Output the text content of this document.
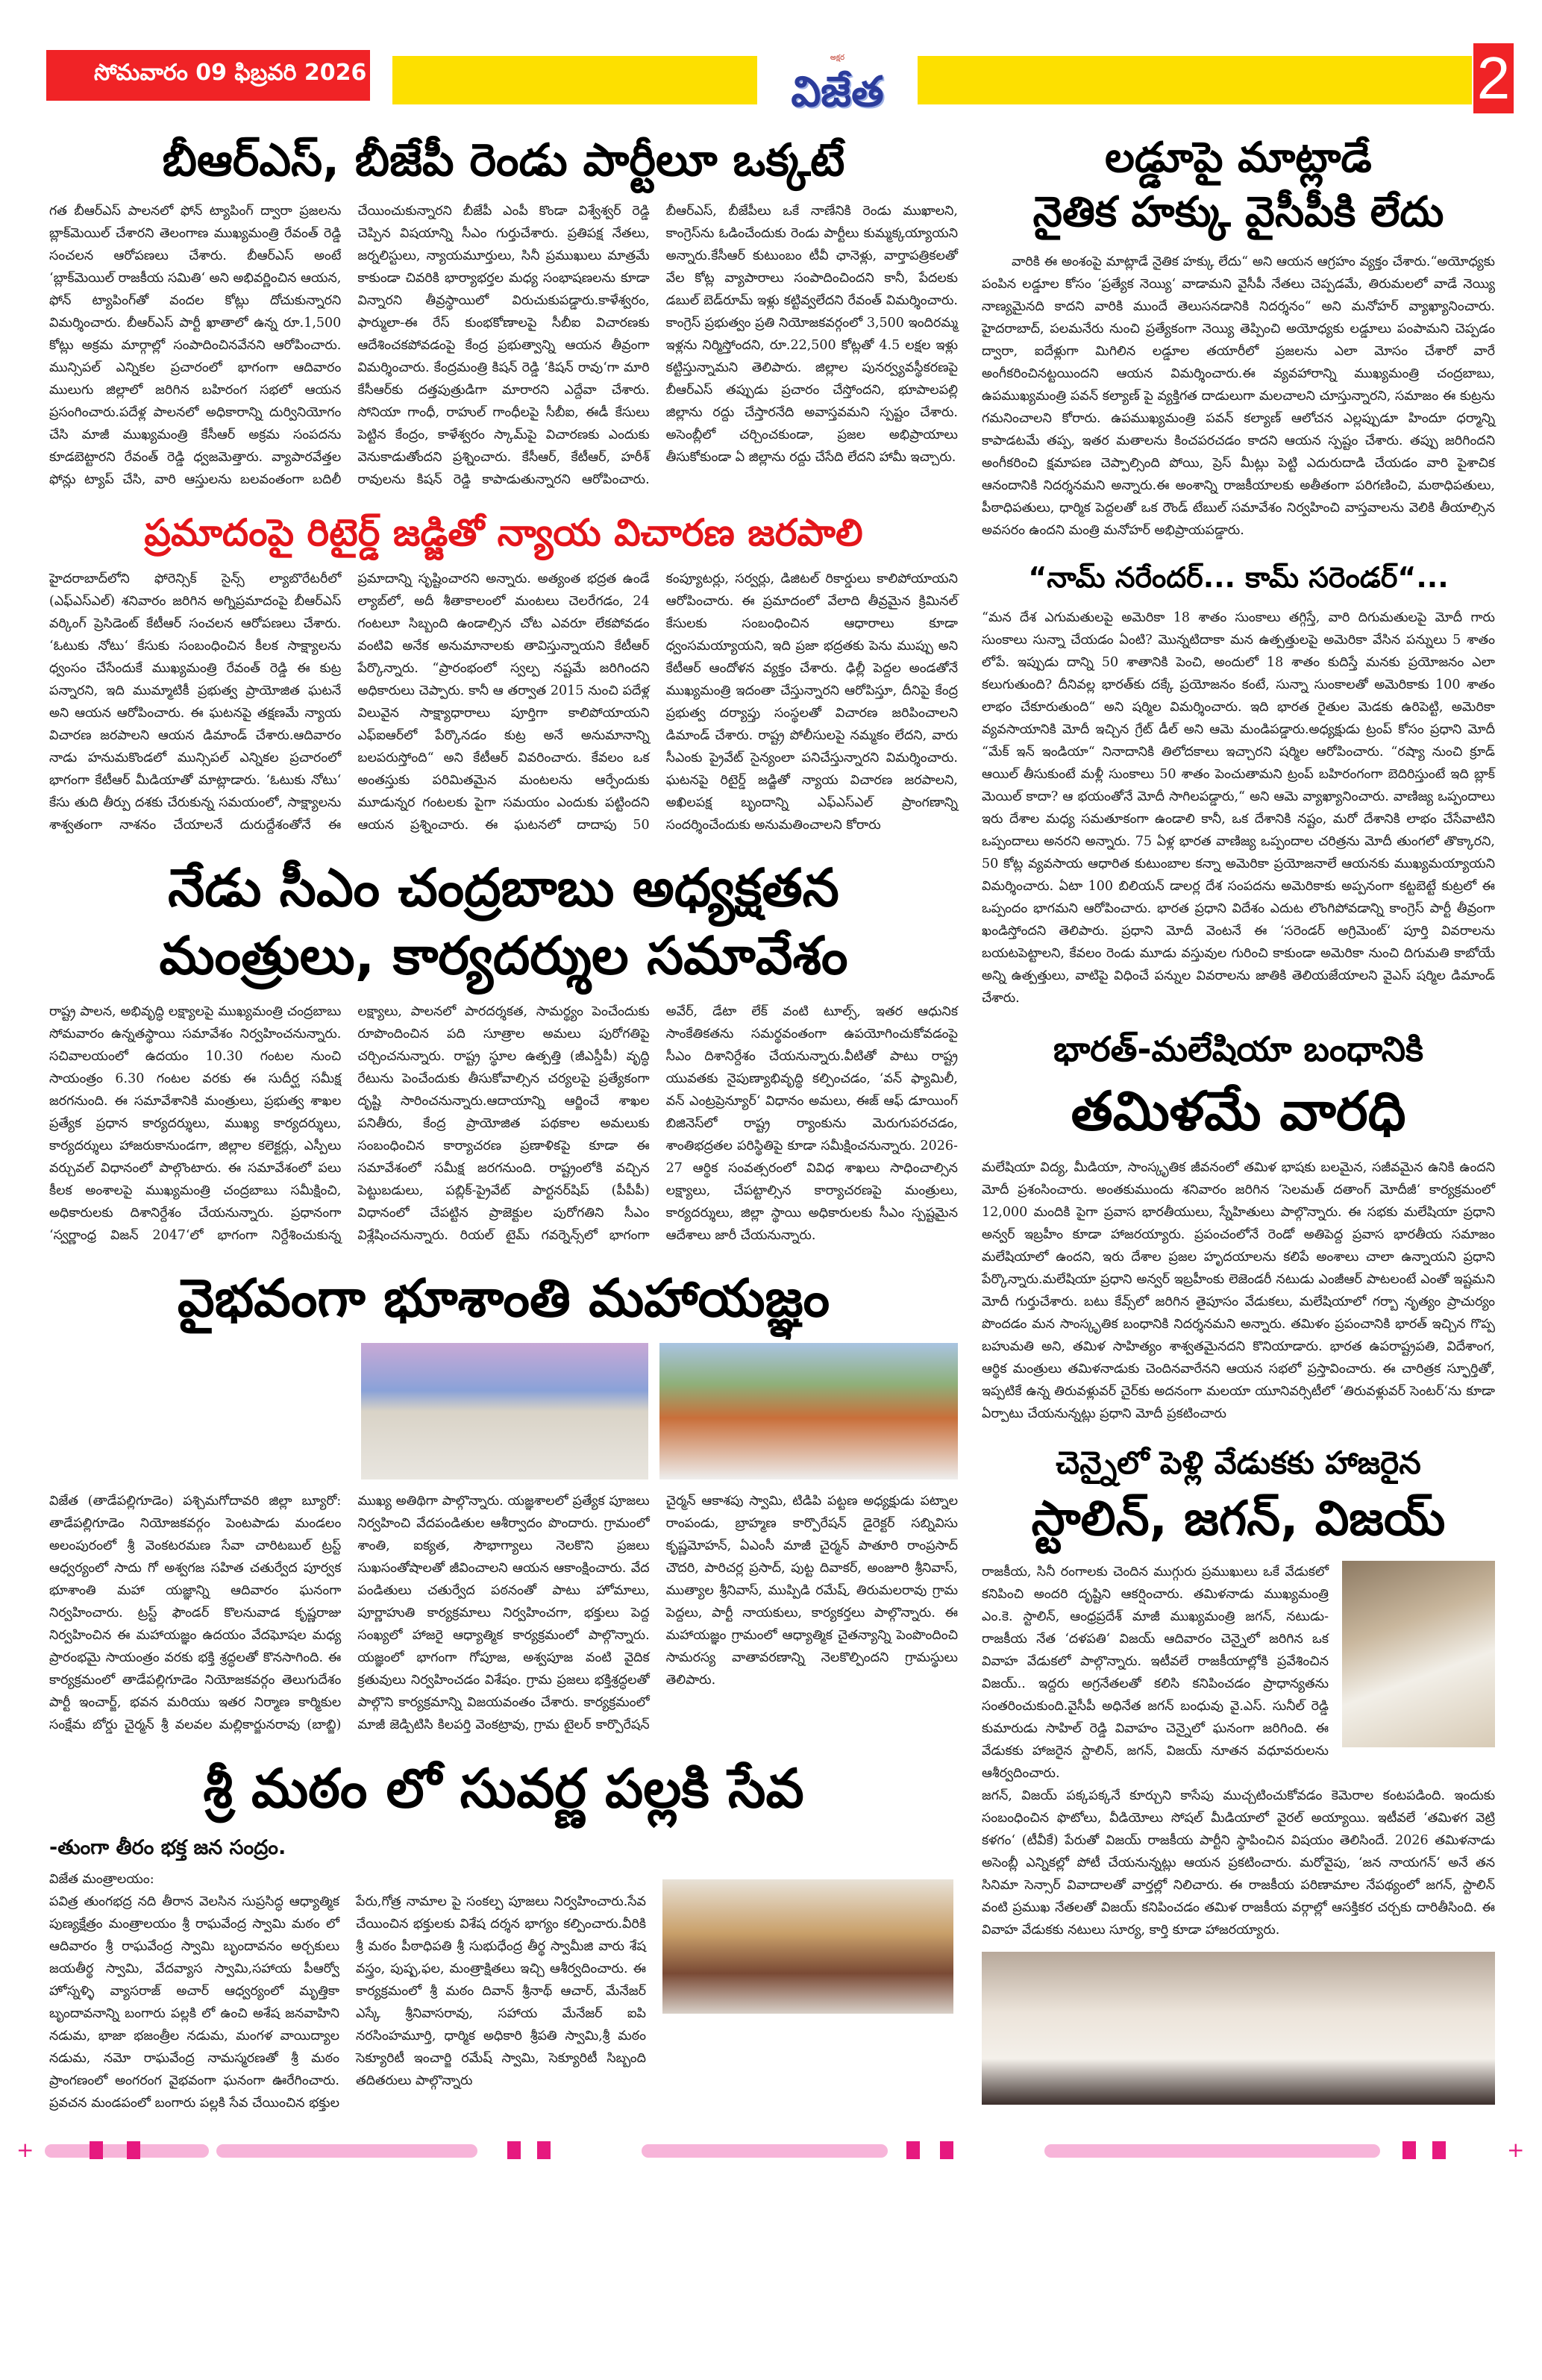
సోమవారం 09 ఫిబ్రవరి 2026
అక్షర
విజేత	2
బీఆర్ఎస్, బీజేపీ రెండు పార్టీలూ ఒక్కటే
గత బీఆర్ఎస్ పాలనలో ఫోన్ ట్యాపింగ్ ద్వారా ప్రజలను బ్లాక్‌మెయిల్ చేశారని తెలంగాణ ముఖ్యమంత్రి రేవంత్ రెడ్డి సంచలన ఆరోపణలు చేశారు. బీఆర్ఎస్ అంటే ‘బ్లాక్‌మెయిల్ రాజకీయ సమితి‘ అని అభివర్ణించిన ఆయన, ఫోన్ ట్యాపింగ్‌తో వందల కోట్లు దోచుకున్నారని విమర్శించారు. బీఆర్ఎస్ పార్టీ ఖాతాలో ఉన్న రూ.1,500 కోట్లు అక్రమ మార్గాల్లో సంపాదించినవేనని ఆరోపించారు. మున్సిపల్ ఎన్నికల ప్రచారంలో భాగంగా ఆదివారం ములుగు జిల్లాలో జరిగిన బహిరంగ సభలో ఆయన ప్రసంగించారు.పదేళ్ల పాలనలో అధికారాన్ని దుర్వినియోగం చేసి మాజీ ముఖ్యమంత్రి కేసీఆర్ అక్రమ సంపదను కూడబెట్టారని రేవంత్ రెడ్డి ధ్వజమెత్తారు. వ్యాపారవేత్తల ఫోన్లు ట్యాప్ చేసి, వారి ఆస్తులను బలవంతంగా బదిలీ చేయించుకున్నారని బీజేపీ ఎంపీ కొండా విశ్వేశ్వర్ రెడ్డి చెప్పిన విషయాన్ని సీఎం గుర్తుచేశారు. ప్రతిపక్ష నేతలు, జర్నలిస్టులు, న్యాయమూర్తులు, సినీ ప్రముఖులు మాత్రమే కాకుండా చివరికి భార్యాభర్తల మధ్య సంభాషణలను కూడా విన్నారని తీవ్రస్థాయిలో విరుచుకుపడ్డారు.కాళేశ్వరం, ఫార్ములా-ఈ రేస్ కుంభకోణాలపై సీబీఐ విచారణకు ఆదేశించకపోవడంపై కేంద్ర ప్రభుత్వాన్ని ఆయన తీవ్రంగా విమర్శించారు. కేంద్రమంత్రి కిషన్ రెడ్డి ‘కిషన్ రావు‘గా మారి కేసీఆర్‌కు దత్తపుత్రుడిగా మారారని ఎద్దేవా చేశారు. సోనియా గాంధీ, రాహుల్ గాంధీలపై సీబీఐ, ఈడీ కేసులు పెట్టిన కేంద్రం, కాళేశ్వరం స్కామ్‌పై విచారణకు ఎందుకు వెనుకాడుతోందని ప్రశ్నించారు. కేసీఆర్, కేటీఆర్, హరీశ్ రావులను కిషన్ రెడ్డి కాపాడుతున్నారని ఆరోపించారు. బీఆర్ఎస్, బీజేపీలు ఒకే నాణేనికి రెండు ముఖాలని, కాంగ్రెస్‌ను ఓడించేందుకు రెండు పార్టీలు కుమ్మక్కయ్యాయని అన్నారు.కేసీఆర్ కుటుంబం టీవీ ఛానెళ్లు, వార్తాపత్రికలతో వేల కోట్ల వ్యాపారాలు సంపాదించిందని కానీ, పేదలకు డబుల్ బెడ్‌రూమ్ ఇళ్లు కట్టివ్వలేదని రేవంత్ విమర్శించారు. కాంగ్రెస్ ప్రభుత్వం ప్రతి నియోజకవర్గంలో 3,500 ఇందిరమ్మ ఇళ్లను నిర్మిస్తోందని, రూ.22,500 కోట్లతో 4.5 లక్షల ఇళ్లు కట్టిస్తున్నామని తెలిపారు. జిల్లాల పునర్వ్యవస్థీకరణపై బీఆర్ఎస్ తప్పుడు ప్రచారం చేస్తోందని, భూపాలపల్లి జిల్లాను రద్దు చేస్తారనేది అవాస్తవమని స్పష్టం చేశారు. అసెంబ్లీలో చర్చించకుండా, ప్రజల అభిప్రాయాలు తీసుకోకుండా ఏ జిల్లాను రద్దు చేసేది లేదని హామీ ఇచ్చారు.
ప్రమాదంపై రిటైర్డ్ జడ్జితో న్యాయ విచారణ జరపాలి
హైదరాబాద్‌లోని ఫోరెన్సిక్ సైన్స్ ల్యాబొరేటరీలో (ఎఫ్ఎస్ఎల్) శనివారం జరిగిన అగ్నిప్రమాదంపై బీఆర్ఎస్ వర్కింగ్ ప్రెసిడెంట్ కేటీఆర్ సంచలన ఆరోపణలు చేశారు. ‘ఓటుకు నోటు‘ కేసుకు సంబంధించిన కీలక సాక్ష్యాలను ధ్వంసం చేసేందుకే ముఖ్యమంత్రి రేవంత్ రెడ్డి ఈ కుట్ర పన్నారని, ఇది ముమ్మాటికీ ప్రభుత్వ ప్రాయోజిత ఘటనే అని ఆయన ఆరోపించారు. ఈ ఘటనపై తక్షణమే న్యాయ విచారణ జరపాలని ఆయన డిమాండ్ చేశారు.ఆదివారం నాడు హనుమకొండలో మున్సిపల్ ఎన్నికల ప్రచారంలో భాగంగా కేటీఆర్ మీడియాతో మాట్లాడారు. ‘ఓటుకు నోటు‘ కేసు తుది తీర్పు దశకు చేరుకున్న సమయంలో, సాక్ష్యాలను శాశ్వతంగా నాశనం చేయాలనే దురుద్దేశంతోనే ఈ ప్రమాదాన్ని సృష్టించారని అన్నారు. అత్యంత భద్రత ఉండే ల్యాబ్‌లో, అదీ శీతాకాలంలో మంటలు చెలరేగడం, 24 గంటలూ సిబ్బంది ఉండాల్సిన చోట ఎవరూ లేకపోవడం వంటివి అనేక అనుమానాలకు తావిస్తున్నాయని కేటీఆర్ పేర్కొన్నారు. “ప్రారంభంలో స్వల్ప నష్టమే జరిగిందని అధికారులు చెప్పారు. కానీ ఆ తర్వాత 2015 నుంచి పదేళ్ల విలువైన సాక్ష్యాధారాలు పూర్తిగా కాలిపోయాయని ఎఫ్ఐఆర్‌లో పేర్కొనడం కుట్ర అనే అనుమానాన్ని బలపరుస్తోంది“ అని కేటీఆర్ వివరించారు. కేవలం ఒక అంతస్తుకు పరిమితమైన మంటలను ఆర్పేందుకు మూడున్నర గంటలకు పైగా సమయం ఎందుకు పట్టిందని ఆయన ప్రశ్నించారు. ఈ ఘటనలో దాదాపు 50 కంప్యూటర్లు, సర్వర్లు, డిజిటల్ రికార్డులు కాలిపోయాయని ఆరోపించారు. ఈ ప్రమాదంలో వేలాది తీవ్రమైన క్రిమినల్ కేసులకు సంబంధించిన ఆధారాలు కూడా ధ్వంసమయ్యాయని, ఇది ప్రజా భద్రతకు పెను ముప్పు అని కేటీఆర్ ఆందోళన వ్యక్తం చేశారు. ఢిల్లీ పెద్దల అండతోనే ముఖ్యమంత్రి ఇదంతా చేస్తున్నారని ఆరోపిస్తూ, దీనిపై కేంద్ర ప్రభుత్వ దర్యాప్తు సంస్థలతో విచారణ జరిపించాలని డిమాండ్ చేశారు. రాష్ట్ర పోలీసులపై నమ్మకం లేదని, వారు సీఎంకు ప్రైవేట్ సైన్యంలా పనిచేస్తున్నారని విమర్శించారు. ఘటనపై రిటైర్డ్ జడ్జితో న్యాయ విచారణ జరపాలని, అఖిలపక్ష బృందాన్ని ఎఫ్ఎస్ఎల్ ప్రాంగణాన్ని సందర్శించేందుకు అనుమతించాలని కోరారు
నేడు సీఎం చంద్రబాబు అధ్యక్షతన
మంత్రులు, కార్యదర్శుల సమావేశం
రాష్ట్ర పాలన, అభివృద్ధి లక్ష్యాలపై ముఖ్యమంత్రి చంద్రబాబు సోమవారం ఉన్నతస్థాయి సమావేశం నిర్వహించనున్నారు. సచివాలయంలో ఉదయం 10.30 గంటల నుంచి సాయంత్రం 6.30 గంటల వరకు ఈ సుదీర్ఘ సమీక్ష జరగనుంది. ఈ సమావేశానికి మంత్రులు, ప్రభుత్వ శాఖల ప్రత్యేక ప్రధాన కార్యదర్శులు, ముఖ్య కార్యదర్శులు, కార్యదర్శులు హాజరుకానుండగా, జిల్లాల కలెక్టర్లు, ఎస్పీలు వర్చువల్ విధానంలో పాల్గొంటారు. ఈ సమావేశంలో పలు కీలక అంశాలపై ముఖ్యమంత్రి చంద్రబాబు సమీక్షించి, అధికారులకు దిశానిర్దేశం చేయనున్నారు. ప్రధానంగా ‘స్వర్ణాంధ్ర విజన్ 2047‘లో భాగంగా నిర్దేశించుకున్న లక్ష్యాలు, పాలనలో పారదర్శకత, సామర్థ్యం పెంచేందుకు రూపొందించిన పది సూత్రాల అమలు పురోగతిపై చర్చించనున్నారు. రాష్ట్ర స్థూల ఉత్పత్తి (జీఎస్డీపీ) వృద్ధి రేటును పెంచేందుకు తీసుకోవాల్సిన చర్యలపై ప్రత్యేకంగా దృష్టి సారించనున్నారు.ఆదాయాన్ని ఆర్జించే శాఖల పనితీరు, కేంద్ర ప్రాయోజిత పథకాల అమలుకు సంబంధించిన కార్యాచరణ ప్రణాళికపై కూడా ఈ సమావేశంలో సమీక్ష జరగనుంది. రాష్ట్రంలోకి వచ్చిన పెట్టుబడులు, పబ్లిక్-ప్రైవేట్ పార్టనర్‌షిప్ (పీపీపీ) విధానంలో చేపట్టిన ప్రాజెక్టుల పురోగతిని సీఎం విశ్లేషించనున్నారు. రియల్ టైమ్ గవర్నెన్స్‌లో భాగంగా అవేర్, డేటా లేక్ వంటి టూల్స్, ఇతర ఆధునిక సాంకేతికతను సమర్థవంతంగా ఉపయోగించుకోవడంపై సీఎం దిశానిర్దేశం చేయనున్నారు.వీటితో పాటు రాష్ట్ర యువతకు నైపుణ్యాభివృద్ధి కల్పించడం, ‘వన్ ఫ్యామిలీ, వన్ ఎంట్రప్రెన్యూర్‘ విధానం అమలు, ఈజ్ ఆఫ్ డూయింగ్ బిజినెస్‌లో రాష్ట్ర ర్యాంకును మెరుగుపరచడం, శాంతిభద్రతల పరిస్థితిపై కూడా సమీక్షించనున్నారు. 2026-27 ఆర్థిక సంవత్సరంలో వివిధ శాఖలు సాధించాల్సిన లక్ష్యాలు, చేపట్టాల్సిన కార్యాచరణపై మంత్రులు, కార్యదర్శులు, జిల్లా స్థాయి అధికారులకు సీఎం స్పష్టమైన ఆదేశాలు జారీ చేయనున్నారు.
వైభవంగా భూశాంతి మహాయజ్ఞం
విజేత (తాడేపల్లిగూడెం) పశ్చిమగోదావరి జిల్లా బ్యూరో: తాడేపల్లిగూడెం నియోజకవర్గం పెంటపాడు మండలం అలంపురంలో శ్రీ వెంకటరమణ సేవా చారిటబుల్ ట్రస్ట్ ఆధ్వర్యంలో సాదు గో అశ్వగజ సహిత చతుర్వేద పూర్వక భూశాంతి మహా యజ్ఞాన్ని ఆదివారం ఘనంగా నిర్వహించారు. ట్రస్ట్ ఫౌండర్ కొలనువాడ కృష్ణరాజు నిర్వహించిన ఈ మహాయజ్ఞం ఉదయం వేదఘోషల మధ్య ప్రారంభమై సాయంత్రం వరకు భక్తి శ్రద్ధలతో కొనసాగింది. ఈ కార్యక్రమంలో తాడేపల్లిగూడెం నియోజకవర్గం తెలుగుదేశం పార్టీ ఇంచార్జ్, భవన మరియు ఇతర నిర్మాణ కార్మికుల సంక్షేమ బోర్డు చైర్మన్ శ్రీ వలవల మల్లికార్జునరావు (బాబ్జి) ముఖ్య అతిథిగా పాల్గొన్నారు. యజ్ఞశాలలో ప్రత్యేక పూజలు నిర్వహించి వేదపండితుల ఆశీర్వాదం పొందారు. గ్రామంలో శాంతి, ఐక్యత, సౌభాగ్యాలు నెలకొని ప్రజలు సుఖసంతోషాలతో జీవించాలని ఆయన ఆకాంక్షించారు. వేద పండితులు చతుర్వేద పఠనంతో పాటు హోమాలు, పూర్ణాహుతి కార్యక్రమాలు నిర్వహించగా, భక్తులు పెద్ద సంఖ్యలో హాజరై ఆధ్యాత్మిక కార్యక్రమంలో పాల్గొన్నారు. యజ్ఞంలో భాగంగా గోపూజ, అశ్వపూజ వంటి వైదిక క్రతువులు నిర్వహించడం విశేషం. గ్రామ ప్రజలు భక్తిశ్రద్ధలతో పాల్గొని కార్యక్రమాన్ని విజయవంతం చేశారు. కార్యక్రమంలో మాజీ జెడ్పిటిసి కిలపర్తి వెంకట్రావు, గ్రామ టైలర్ కార్పొరేషన్ చైర్మన్ ఆకాశపు స్వామి, టిడిపి పట్టణ అధ్యక్షుడు పట్నాల రాంపండు, బ్రాహ్మణ కార్పొరేషన్ డైరెక్టర్ సబ్నివిసు కృష్ణమోహన్, ఏఎంసీ మాజీ చైర్మన్ పాతూరి రాంప్రసాద్ చౌదరి, పారిచర్ల ప్రసాద్, పుట్ట దివాకర్, అంజూరి శ్రీనివాస్, ముత్యాల శ్రీనివాస్, ముప్పిడి రమేష్, తిరుమలరావు గ్రామ పెద్దలు, పార్టీ నాయకులు, కార్యకర్తలు పాల్గొన్నారు. ఈ మహాయజ్ఞం గ్రామంలో ఆధ్యాత్మిక చైతన్యాన్ని పెంపొందించి సామరస్య వాతావరణాన్ని నెలకొల్పిందని గ్రామస్థులు తెలిపారు.
శ్రీ మఠం లో సువర్ణ పల్లకి సేవ
-తుంగా తీరం భక్త జన సంద్రం.
విజేత మంత్రాలయం:
పవిత్ర తుంగభద్ర నది తీరాన వెలసిన సుప్రసిద్ధ ఆధ్యాత్మిక పుణ్యక్షేత్రం మంత్రాలయం శ్రీ రాఘవేంద్ర స్వామి మఠం లో ఆదివారం శ్రీ రాఘవేంద్ర స్వామి బృందావనం అర్చకులు జయతీర్థ స్వామి, వేదవ్యాస స్వామి,సహాయ పీఆర్వో హోస్నళ్ళి వ్యాసరాజ్ అచార్ ఆధ్వర్యంలో మృత్తికా బృందావనాన్ని బంగారు పల్లకి లో ఉంచి అశేష జనవాహిని నడుమ, భాజా భజంత్రీల నడుమ, మంగళ వాయిద్యాల నడుమ, నమో రాఘవేంద్ర నామస్మరణతో శ్రీ మఠం ప్రాంగణంలో అంగరంగ వైభవంగా ఘనంగా ఊరేగించారు. ప్రవచన మండపంలో బంగారు పల్లకి సేవ చేయించిన భక్తుల పేరు,గోత్ర నామాల పై సంకల్ప పూజలు నిర్వహించారు.సేవ చేయించిన భక్తులకు విశేష దర్శన భాగ్యం కల్పించారు.వీరికి శ్రీ మఠం పీఠాధిపతి శ్రీ సుభుధేంద్ర తీర్థ స్వామీజి వారు శేష వస్త్రం, పుష్ప,ఫల, మంత్రాక్షితలు ఇచ్చి ఆశీర్వదించారు. ఈ కార్యక్రమంలో శ్రీ మఠం దివాన్ శ్రీనాథ్ ఆచార్, మేనేజర్ ఎస్కే శ్రీనివాసరావు, సహాయ మేనేజర్ ఐపి నరసింహమూర్తి, ధార్మిక అధికారి శ్రీపతి స్వామి,శ్రీ మఠం సెక్యూరిటీ ఇంచార్జి రమేష్ స్వామి, సెక్యూరిటీ సిబ్బంది తదితరులు పాల్గొన్నారు
లడ్డూపై మాట్లాడే
నైతిక హక్కు వైసీపీకి లేదు
వారికి ఈ అంశంపై మాట్లాడే నైతిక హక్కు లేదు“ అని ఆయన ఆగ్రహం వ్యక్తం చేశారు.“అయోధ్యకు పంపిన లడ్డూల కోసం ‘ప్రత్యేక నెయ్యి‘ వాడామని వైసీపీ నేతలు చెప్పడమే, తిరుమలలో వాడే నెయ్యి నాణ్యమైనది కాదని వారికి ముందే తెలుసనడానికి నిదర్శనం“ అని మనోహర్ వ్యాఖ్యానించారు. హైదరాబాద్, పలమనేరు నుంచి ప్రత్యేకంగా నెయ్యి తెప్పించి అయోధ్యకు లడ్డూలు పంపామని చెప్పడం ద్వారా, ఐదేళ్లుగా మిగిలిన లడ్డూల తయారీలో ప్రజలను ఎలా మోసం చేశారో వారే అంగీకరించినట్టయిందని ఆయన విమర్శించారు.ఈ వ్యవహారాన్ని ముఖ్యమంత్రి చంద్రబాబు, ఉపముఖ్యమంత్రి పవన్ కల్యాణ్ పై వ్యక్తిగత దాడులుగా మలచాలని చూస్తున్నారని, సమాజం ఈ కుట్రను గమనించాలని కోరారు. ఉపముఖ్యమంత్రి పవన్ కల్యాణ్ ఆలోచన ఎల్లప్పుడూ హిందూ ధర్మాన్ని కాపాడటమే తప్ప, ఇతర మతాలను కించపరచడం కాదని ఆయన స్పష్టం చేశారు. తప్పు జరిగిందని అంగీకరించి క్షమాపణ చెప్పాల్సింది పోయి, ప్రెస్ మీట్లు పెట్టి ఎదురుదాడి చేయడం వారి పైశాచిక ఆనందానికి నిదర్శనమని అన్నారు.ఈ అంశాన్ని రాజకీయాలకు అతీతంగా పరిగణించి, మఠాధిపతులు, పీఠాధిపతులు, ధార్మిక పెద్దలతో ఒక రౌండ్ టేబుల్ సమావేశం నిర్వహించి వాస్తవాలను వెలికి తీయాల్సిన అవసరం ఉందని మంత్రి మనోహర్ అభిప్రాయపడ్డారు.
“నామ్ నరేందర్... కామ్ సరెండర్“...
“మన దేశ ఎగుమతులపై అమెరికా 18 శాతం సుంకాలు తగ్గిస్తే, వారి దిగుమతులపై మోదీ గారు సుంకాలు సున్నా చేయడం ఏంటి? మొన్నటిదాకా మన ఉత్పత్తులపై అమెరికా వేసిన పన్నులు 5 శాతం లోపే. ఇప్పుడు దాన్ని 50 శాతానికి పెంచి, అందులో 18 శాతం కుదిస్తే మనకు ప్రయోజనం ఎలా కలుగుతుంది? దీనివల్ల భారత్‌కు దక్కే ప్రయోజనం కంటే, సున్నా సుంకాలతో అమెరికాకు 100 శాతం లాభం చేకూరుతుంది“ అని షర్మిల విమర్శించారు. ఇది భారత రైతుల మెడకు ఉరిపెట్టి, అమెరికా వ్యవసాయానికి మోదీ ఇచ్చిన గ్రేట్ డీల్ అని ఆమె మండిపడ్డారు.అధ్యక్షుడు ట్రంప్ కోసం ప్రధాని మోదీ “మేక్ ఇన్ ఇండియా“ నినాదానికి తిలోదకాలు ఇచ్చారని షర్మిల ఆరోపించారు. “రష్యా నుంచి క్రూడ్ ఆయిల్ తీసుకుంటే మళ్లీ సుంకాలు 50 శాతం పెంచుతామని ట్రంప్ బహిరంగంగా బెదిరిస్తుంటే ఇది బ్లాక్ మెయిల్ కాదా? ఆ భయంతోనే మోదీ సాగిలపడ్డారు,“ అని ఆమె వ్యాఖ్యానించారు. వాణిజ్య ఒప్పందాలు ఇరు దేశాల మధ్య సమతూకంగా ఉండాలి కానీ, ఒక దేశానికి నష్టం, మరో దేశానికి లాభం చేసేవాటిని ఒప్పందాలు అనరని అన్నారు. 75 ఏళ్ల భారత వాణిజ్య ఒప్పందాల చరిత్రను మోదీ తుంగలో తొక్కారని, 50 కోట్ల వ్యవసాయ ఆధారిత కుటుంబాల కన్నా అమెరికా ప్రయోజనాలే ఆయనకు ముఖ్యమయ్యాయని విమర్శించారు. ఏటా 100 బిలియన్ డాలర్ల దేశ సంపదను అమెరికాకు అప్పనంగా కట్టబెట్టే కుట్రలో ఈ ఒప్పందం భాగమని ఆరోపించారు. భారత ప్రధాని విదేశం ఎదుట లొంగిపోవడాన్ని కాంగ్రెస్ పార్టీ తీవ్రంగా ఖండిస్తోందని తెలిపారు. ప్రధాని మోదీ వెంటనే ఈ ‘సరెండర్ అగ్రిమెంట్‘ పూర్తి వివరాలను బయటపెట్టాలని, కేవలం రెండు మూడు వస్తువుల గురించి కాకుండా అమెరికా నుంచి దిగుమతి కాబోయే అన్ని ఉత్పత్తులు, వాటిపై విధించే పన్నుల వివరాలను జాతికి తెలియజేయాలని వైఎస్ షర్మిల డిమాండ్ చేశారు.
భారత్-మలేషియా బంధానికి
తమిళమే వారధి
మలేషియా విద్య, మీడియా, సాంస్కృతిక జీవనంలో తమిళ భాషకు బలమైన, సజీవమైన ఉనికి ఉందని మోదీ ప్రశంసించారు. అంతకుముందు శనివారం జరిగిన ‘సెలమత్ దతాంగ్ మోదీజీ‘ కార్యక్రమంలో 12,000 మందికి పైగా ప్రవాస భారతీయులు, స్నేహితులు పాల్గొన్నారు. ఈ సభకు మలేషియా ప్రధాని అన్వర్ ఇబ్రహీం కూడా హాజరయ్యారు. ప్రపంచంలోనే రెండో అతిపెద్ద ప్రవాస భారతీయ సమాజం మలేషియాలో ఉందని, ఇరు దేశాల ప్రజల హృదయాలను కలిపే అంశాలు చాలా ఉన్నాయని ప్రధాని పేర్కొన్నారు.మలేషియా ప్రధాని అన్వర్ ఇబ్రహీంకు లెజెండరీ నటుడు ఎంజీఆర్ పాటలంటే ఎంతో ఇష్టమని మోదీ గుర్తుచేశారు. బటు కేవ్స్‌లో జరిగిన తైపూసం వేడుకలు, మలేషియాలో గర్బా నృత్యం ప్రాచుర్యం పొందడం మన సాంస్కృతిక బంధానికి నిదర్శనమని అన్నారు. తమిళం ప్రపంచానికి భారత్ ఇచ్చిన గొప్ప బహుమతి అని, తమిళ సాహిత్యం శాశ్వతమైనదని కొనియాడారు. భారత ఉపరాష్ట్రపతి, విదేశాంగ, ఆర్థిక మంత్రులు తమిళనాడుకు చెందినవారేనని ఆయన సభలో ప్రస్తావించారు. ఈ చారిత్రక స్ఫూర్తితో, ఇప్పటికే ఉన్న తిరువళ్లువర్ చైర్‌కు అదనంగా మలయా యూనివర్సిటీలో ‘తిరువళ్లువర్ సెంటర్‘ను కూడా ఏర్పాటు చేయనున్నట్లు ప్రధాని మోదీ ప్రకటించారు
చెన్నైలో పెళ్లి వేడుకకు హాజరైన
స్టాలిన్, జగన్, విజయ్
రాజకీయ, సినీ రంగాలకు చెందిన ముగ్గురు ప్రముఖులు ఒకే వేడుకలో కనిపించి అందరి దృష్టిని ఆకర్షించారు. తమిళనాడు ముఖ్యమంత్రి ఎం.కె. స్టాలిన్, ఆంధ్రప్రదేశ్ మాజీ ముఖ్యమంత్రి జగన్, నటుడు-రాజకీయ నేత ‘దళపతి‘ విజయ్ ఆదివారం చెన్నైలో జరిగిన ఒక వివాహ వేడుకలో పాల్గొన్నారు. ఇటీవలే రాజకీయాల్లోకి ప్రవేశించిన విజయ్.. ఇద్దరు అగ్రనేతలతో కలిసి కనిపించడం ప్రాధాన్యతను సంతరించుకుంది.వైసీపీ అధినేత జగన్ బంధువు వై.ఎస్. సునీల్ రెడ్డి కుమారుడు సాహిల్ రెడ్డి వివాహం చెన్నైలో ఘనంగా జరిగింది. ఈ వేడుకకు హాజరైన స్టాలిన్, జగన్, విజయ్ నూతన వధూవరులను ఆశీర్వదించారు.
జగన్, విజయ్ పక్కపక్కనే కూర్చుని కాసేపు ముచ్చటించుకోవడం కెమెరాల కంటపడింది. ఇందుకు సంబంధించిన ఫొటోలు, వీడియోలు సోషల్ మీడియాలో వైరల్ అయ్యాయి. ఇటీవలే ‘తమిళగ వెట్రి కళగం‘ (టీవీకే) పేరుతో విజయ్ రాజకీయ పార్టీని స్థాపించిన విషయం తెలిసిందే. 2026 తమిళనాడు అసెంబ్లీ ఎన్నికల్లో పోటీ చేయనున్నట్లు ఆయన ప్రకటించారు. మరోవైపు, ‘జన నాయగన్‘ అనే తన సినిమా సెన్సార్ వివాదాలతో వార్తల్లో నిలిచారు. ఈ రాజకీయ పరిణామాల నేపథ్యంలో జగన్, స్టాలిన్ వంటి ప్రముఖ నేతలతో విజయ్ కనిపించడం తమిళ రాజకీయ వర్గాల్లో ఆసక్తికర చర్చకు దారితీసింది. ఈ వివాహ వేడుకకు నటులు సూర్య, కార్తి కూడా హాజరయ్యారు.
+	+
